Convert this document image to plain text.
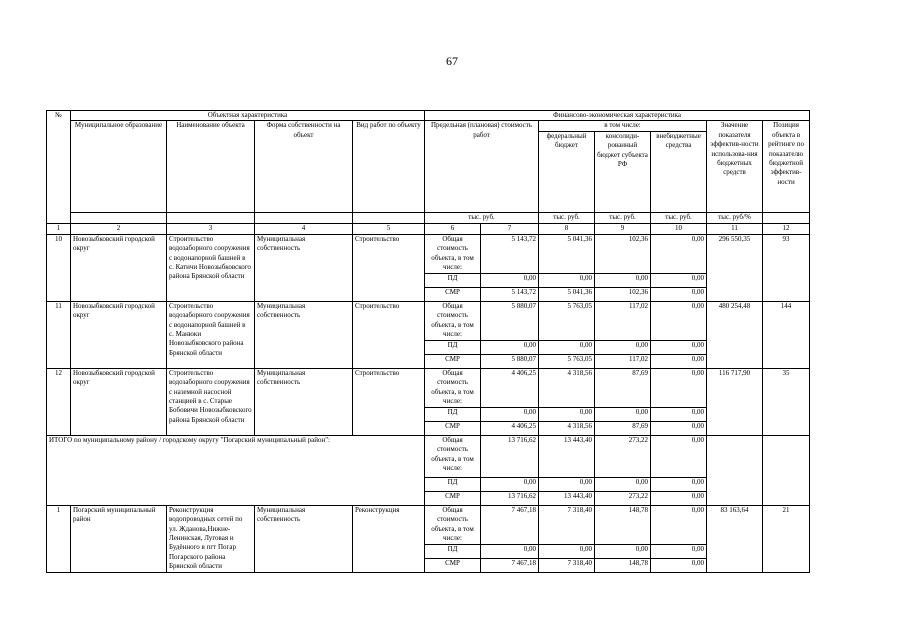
67
№	Объектная характеристика				Финансово-экономическая характеристика						
	Муниципальное образование	Наименование объекта	Форма собственности на объект	Вид работ по объекту	Предельная (плановая) стоимость работ		в том числе:			Значение показателя эффектив-ности использова-ния бюджетных средств	Позиция объекта в рейтинге по показателю бюджетной эффектив-ности
							федеральный бюджет	консолиди-рованный бюджет субъекта РФ	внебюджетные средства		
					тыс. руб.		тыс. руб.	тыс. руб.	тыс. руб.	тыс. руб/%	
1	2	3	4	5	6	7	8	9	10	11	12
10	Новозыбковский городской округ	Строительство водозаборного сооружения с водонапорной башней в с. Катичи Новозыбковского района Брянской области	Муниципальная собственность	Строительство	Общая стоимость объекта, в том числе:	5 143,72	5 041,36	102,36	0,00	296 550,35	93
					ПД	0,00	0,00	0,00	0,00		
					СМР	5 143,72	5 041,36	102,36	0,00		
11	Новозыбковский городской округ	Строительство водозаборного сооружения с водонапорной башней в с. Манюки Новозыбковского района Брянской области	Муниципальная собственность	Строительство	Общая стоимость объекта, в том числе:	5 880,07	5 763,05	117,02	0,00	480 254,48	144
					ПД	0,00	0,00	0,00	0,00		
					СМР	5 880,07	5 763,05	117,02	0,00		
12	Новозыбковский городской округ	Строительство водозаборного сооружения с наземной насосной станцией в с. Старые Бобовичи Новозыбковского района Брянской области	Муниципальная собственность	Строительство	Общая стоимость объекта, в том числе:	4 406,25	4 318,56	87,69	0,00	116 717,90	35
					ПД	0,00	0,00	0,00	0,00		
					СМР	4 406,25	4 318,56	87,69	0,00		
ИТОГО по муниципальному району / городскому округу "Погарский муниципальный район":					Общая стоимость объекта, в том числе:	13 716,62	13 443,40	273,22	0,00		
					ПД	0,00	0,00	0,00	0,00		
					СМР	13 716,62	13 443,40	273,22	0,00		
1	Погарский муниципальный район	Реконструкция водопроводных сетей по ул. Жданова,Нижне-Ленинская, Луговая и Будённого в пгт Погар Погарского района Брянской области	Муниципальная собственность	Реконструкция	Общая стоимость объекта, в том числе:	7 467,18	7 318,40	148,78	0,00	83 163,64	21
					ПД	0,00	0,00	0,00	0,00		
					СМР	7 467,18	7 318,40	148,78	0,00		
